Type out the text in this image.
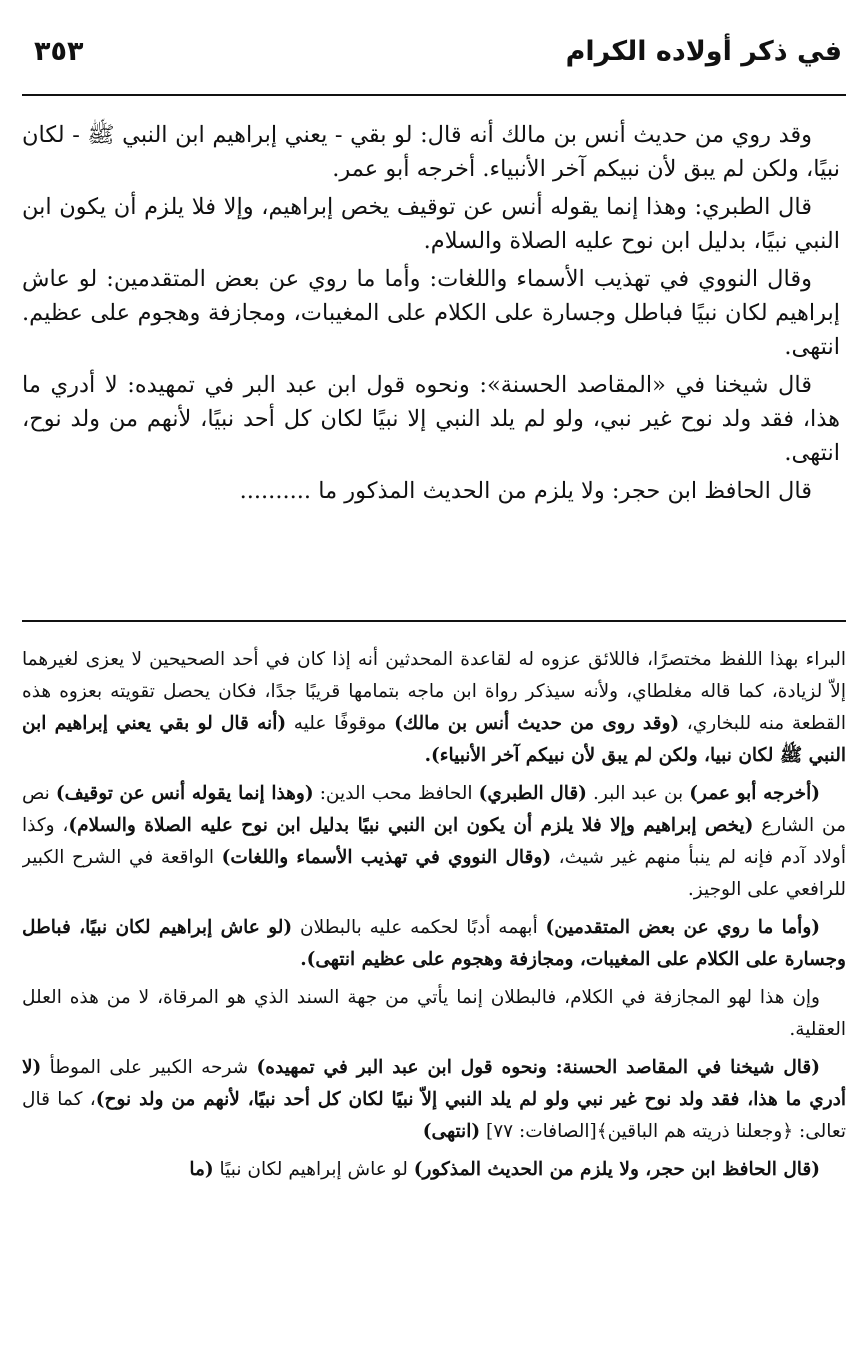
في ذكر أولاده الكرام
٣٥٣

وقد روي من حديث أنس بن مالك أنه قال: لو بقي - يعني إبراهيم ابن النبي ﷺ - لكان نبيًا، ولكن لم يبق لأن نبيكم آخر الأنبياء. أخرجه أبو عمر.

قال الطبري: وهذا إنما يقوله أنس عن توقيف يخص إبراهيم، وإلا فلا يلزم أن يكون ابن النبي نبيًا، بدليل ابن نوح عليه الصلاة والسلام.

وقال النووي في تهذيب الأسماء واللغات: وأما ما روي عن بعض المتقدمين: لو عاش إبراهيم لكان نبيًا فباطل وجسارة على الكلام على المغيبات، ومجازفة وهجوم على عظيم. انتهى.

قال شيخنا في «المقاصد الحسنة»: ونحوه قول ابن عبد البر في تمهيده: لا أدري ما هذا، فقد ولد نوح غير نبي، ولو لم يلد النبي إلا نبيًا لكان كل أحد نبيًا، لأنهم من ولد نوح، انتهى.

قال الحافظ ابن حجر: ولا يلزم من الحديث المذكور ما ..........

البراء بهذا اللفظ مختصرًا، فاللائق عزوه له لقاعدة المحدثين أنه إذا كان في أحد الصحيحين لا يعزى لغيرهما إلاّ لزيادة، كما قاله مغلطاي، ولأنه سيذكر رواة ابن ماجه بتمامها قريبًا جدًا، فكان يحصل تقويته بعزوه هذه القطعة منه للبخاري، (وقد روى من حديث أنس بن مالك) موقوفًا عليه (أنه قال لو بقي يعني إبراهيم ابن النبي ﷺ لكان نبيا، ولكن لم يبق لأن نبيكم آخر الأنبياء).

(أخرجه أبو عمر) بن عبد البر. (قال الطبري) الحافظ محب الدين: (وهذا إنما يقوله أنس عن توقيف) نص من الشارع (يخص إبراهيم وإلا فلا يلزم أن يكون ابن النبي نبيًا بدليل ابن نوح عليه الصلاة والسلام)، وكذا أولاد آدم فإنه لم ينبأ منهم غير شيث، (وقال النووي في تهذيب الأسماء واللغات) الواقعة في الشرح الكبير للرافعي على الوجيز.

(وأما ما روي عن بعض المتقدمين) أبهمه أدبًا لحكمه عليه بالبطلان (لو عاش إبراهيم لكان نبيًا، فباطل وجسارة على الكلام على المغيبات، ومجازفة وهجوم على عظيم انتهى).

وإن هذا لهو المجازفة في الكلام، فالبطلان إنما يأتي من جهة السند الذي هو المرقاة، لا من هذه العلل العقلية.

(قال شيخنا في المقاصد الحسنة: ونحوه قول ابن عبد البر في تمهيده) شرحه الكبير على الموطأ (لا أدري ما هذا، فقد ولد نوح غير نبي ولو لم يلد النبي إلاّ نبيًا لكان كل أحد نبيًا، لأنهم من ولد نوح)، كما قال تعالى: ﴿وجعلنا ذريته هم الباقين﴾[الصافات: ٧٧] (انتهى)

(قال الحافظ ابن حجر، ولا يلزم من الحديث المذكور) لو عاش إبراهيم لكان نبيًا (ما
